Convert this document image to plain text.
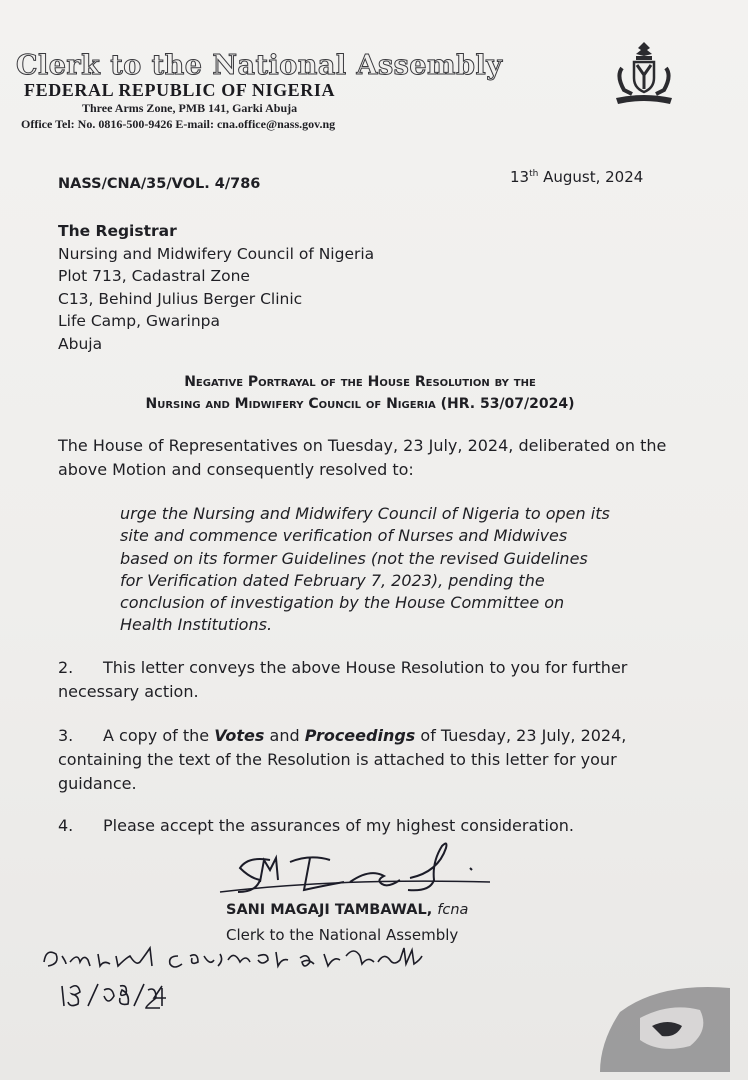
Clerk to the National Assembly
FEDERAL REPUBLIC OF NIGERIA
Three Arms Zone, PMB 141, Garki Abuja
Office Tel: No. 0816-500-9426 E-mail: cna.office@nass.gov.ng
NASS/CNA/35/VOL. 4/786	13th August, 2024
The Registrar
Nursing and Midwifery Council of Nigeria
Plot 713, Cadastral Zone
C13, Behind Julius Berger Clinic
Life Camp, Gwarinpa
Abuja
Negative Portrayal of the House Resolution by the
Nursing and Midwifery Council of Nigeria (HR. 53/07/2024)
The House of Representatives on Tuesday, 23 July, 2024, deliberated on the above Motion and consequently resolved to:
urge the Nursing and Midwifery Council of Nigeria to open its site and commence verification of Nurses and Midwives based on its former Guidelines (not the revised Guidelines for Verification dated February 7, 2023), pending the conclusion of investigation by the House Committee on Health Institutions.
2. This letter conveys the above House Resolution to you for further necessary action.
3. A copy of the Votes and Proceedings of Tuesday, 23 July, 2024, containing the text of the Resolution is attached to this letter for your guidance.
4. Please accept the assurances of my highest consideration.
SANI MAGAJI TAMBAWAL, fcna
Clerk to the National Assembly
